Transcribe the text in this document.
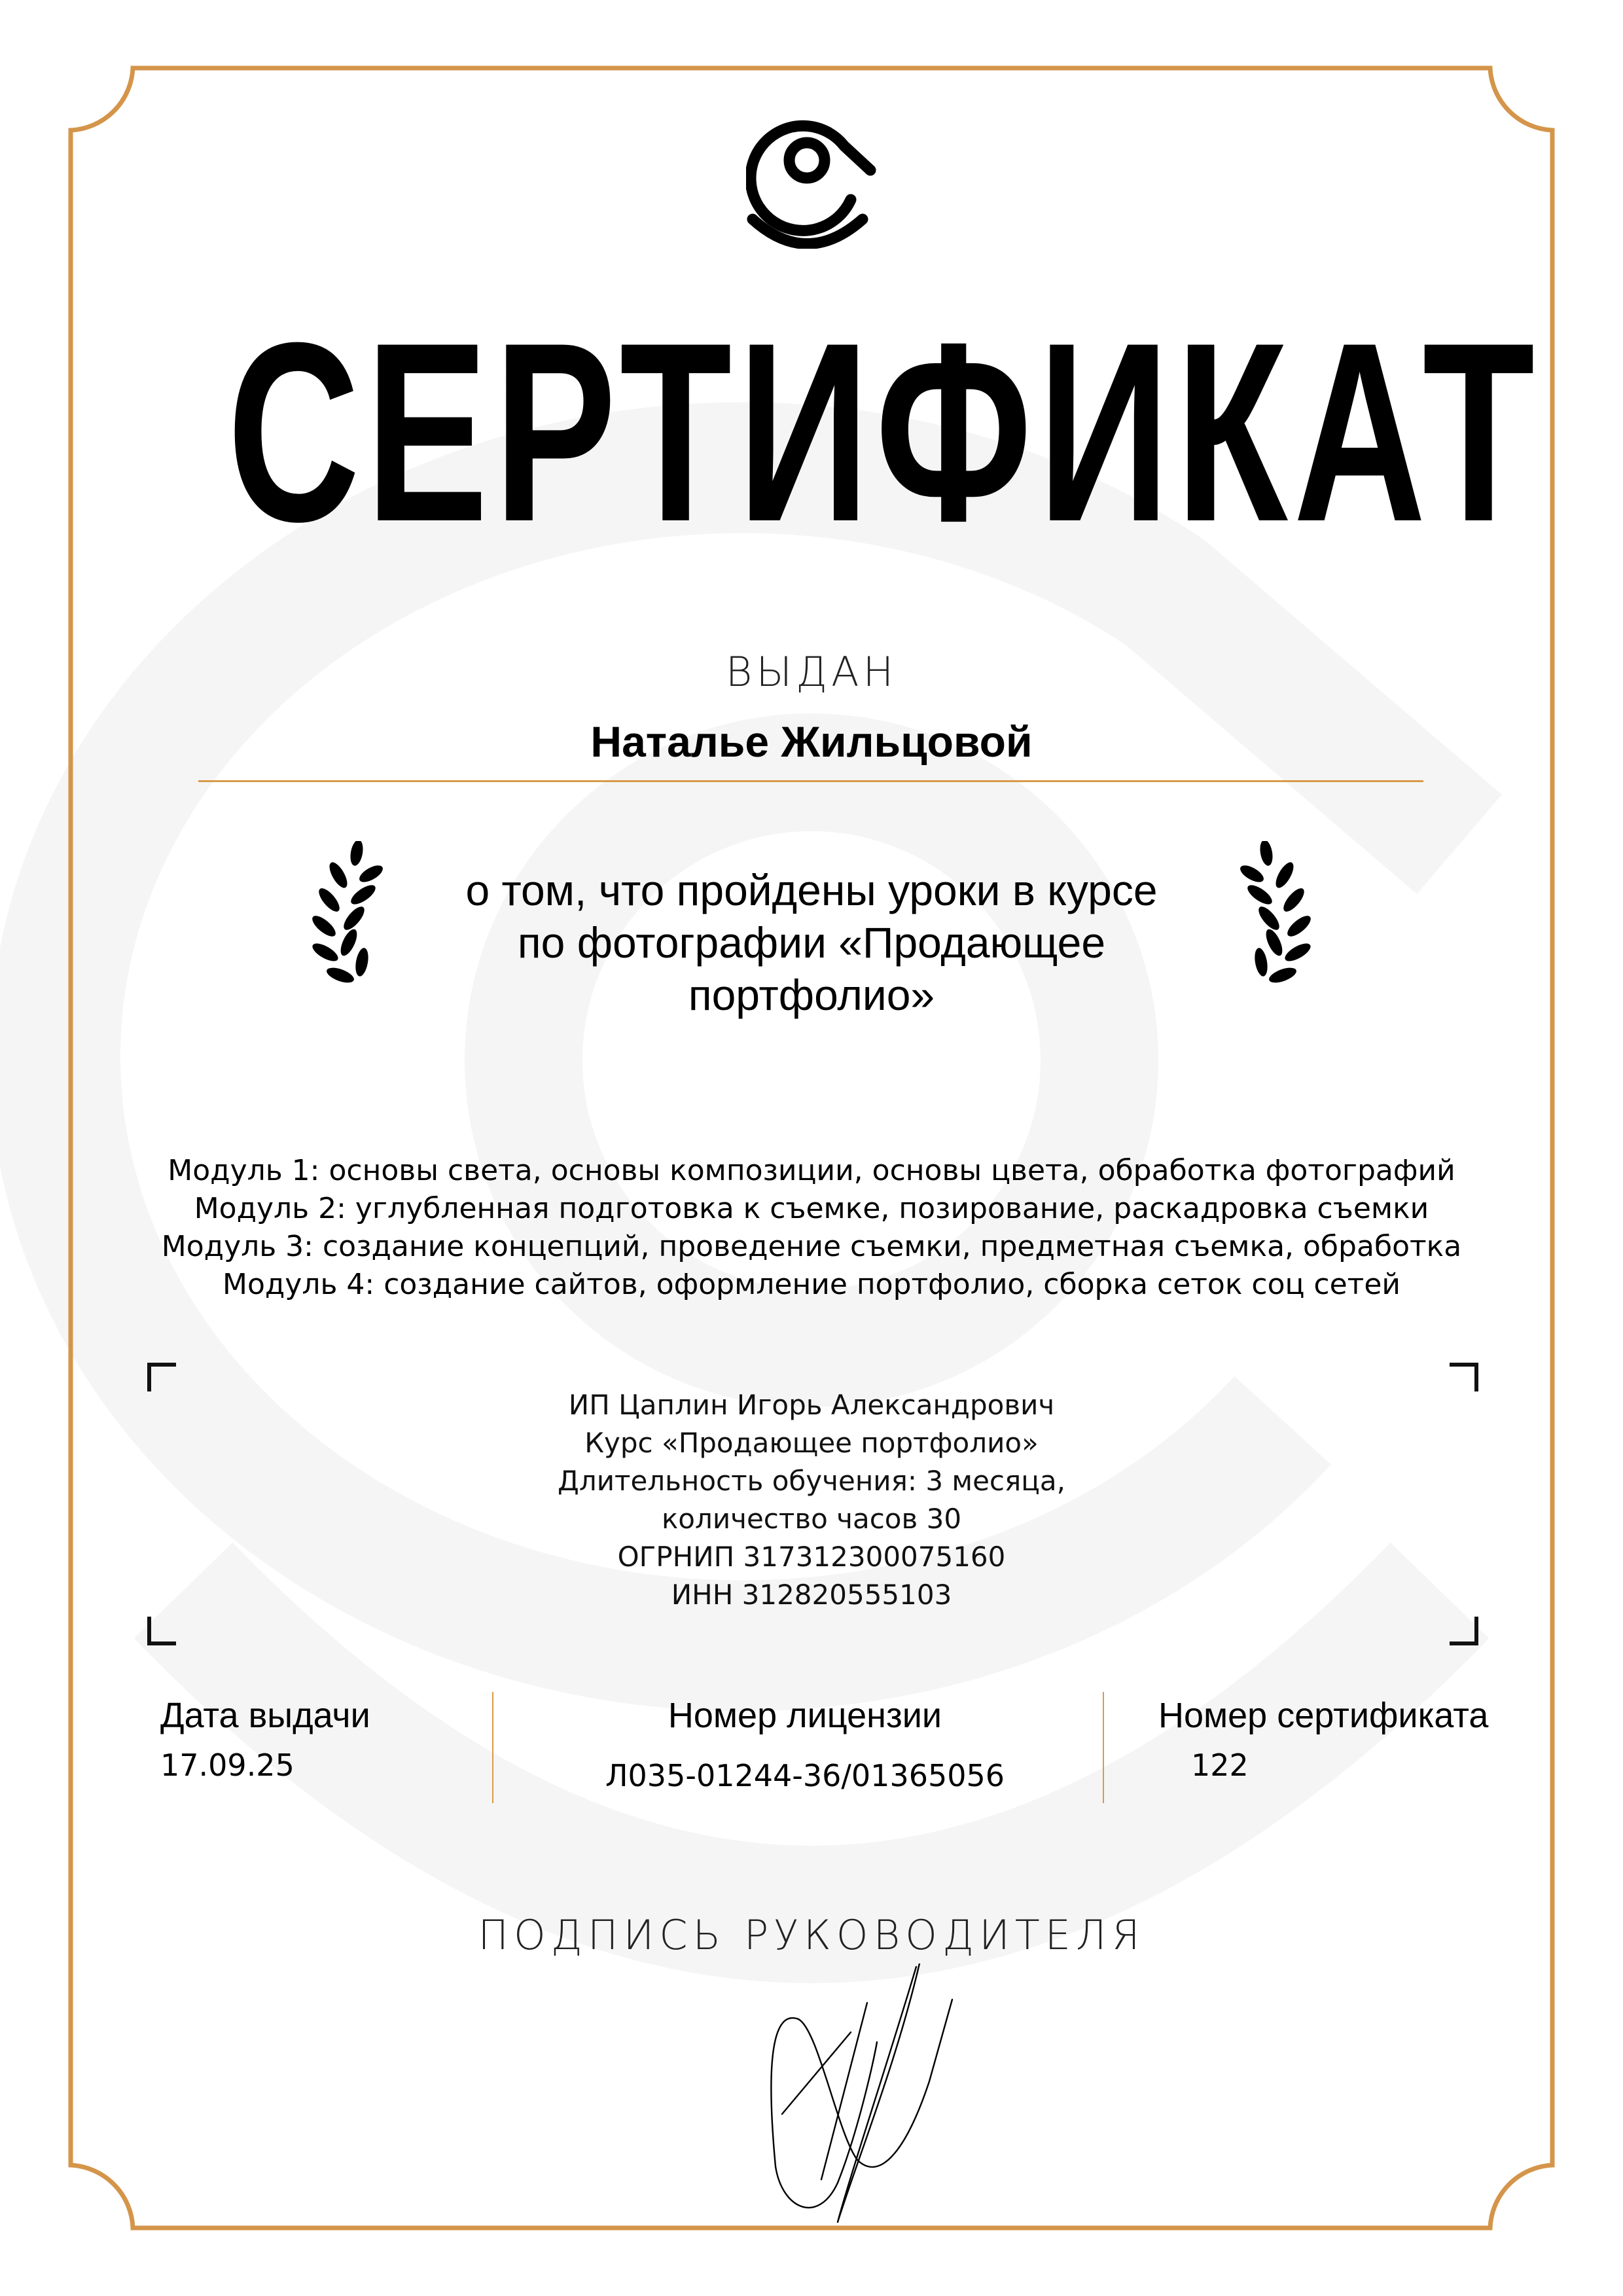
СЕРТИФИКАТ
ВЫДАН
Наталье Жильцовой
о том, что пройдены уроки в курсе
по фотографии «Продающее
портфолио»
Модуль 1: основы света, основы композиции, основы цвета, обработка фотографий
Модуль 2: углубленная подготовка к съемке, позирование, раскадровка съемки
Модуль 3: создание концепций, проведение съемки, предметная съемка, обработка
Модуль 4: создание сайтов, оформление портфолио, сборка сеток соц сетей
ИП Цаплин Игорь Александрович
Курс «Продающее портфолио»
Длительность обучения: 3 месяца,
количество часов 30
ОГРНИП 317312300075160
ИНН 312820555103
Дата выдачи
17.09.25
Номер лицензии
Л035-01244-36/01365056
Номер сертификата
122
ПОДПИСЬ РУКОВОДИТЕЛЯ
